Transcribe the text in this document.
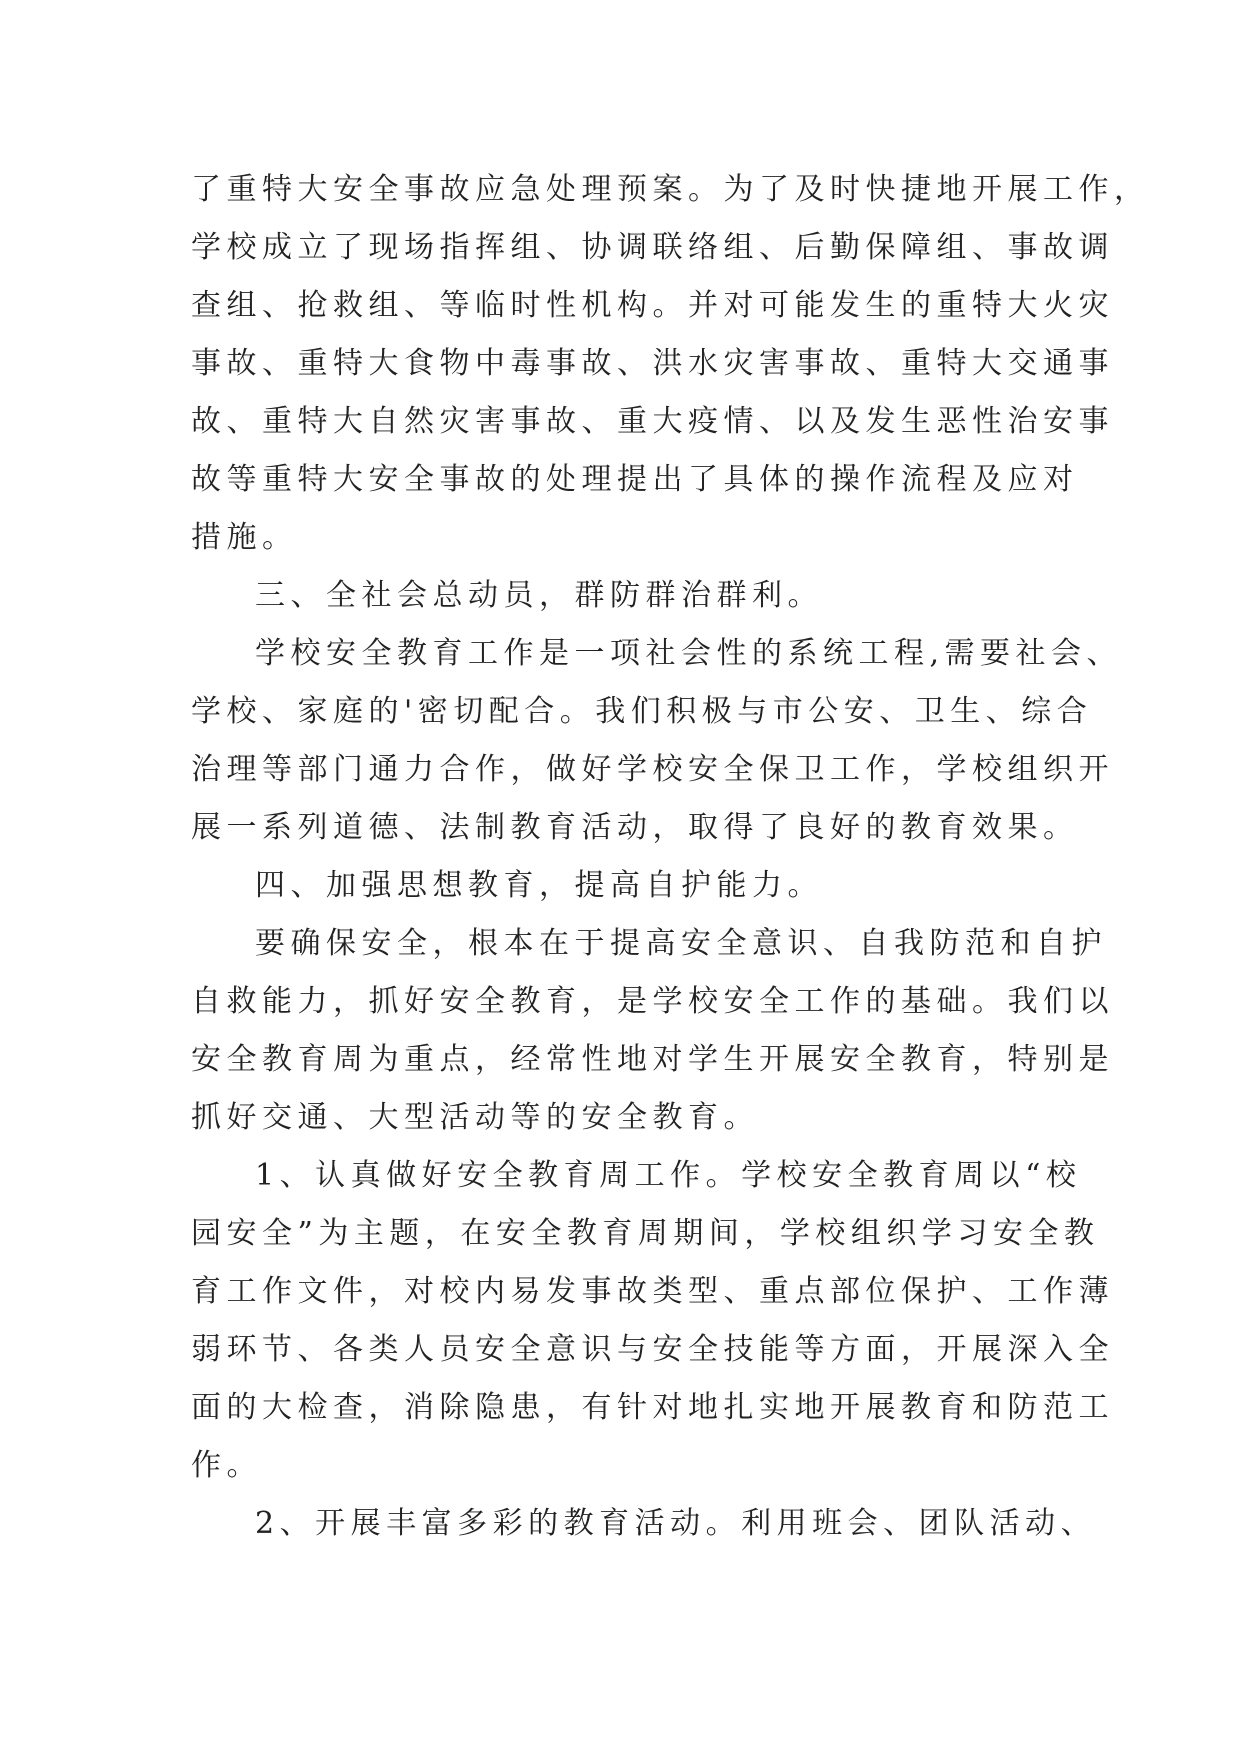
了重特大安全事故应急处理预案。为了及时快捷地开展工作，
学校成立了现场指挥组、协调联络组、后勤保障组、事故调
查组、抢救组、等临时性机构。并对可能发生的重特大火灾
事故、重特大食物中毒事故、洪水灾害事故、重特大交通事
故、重特大自然灾害事故、重大疫情、以及发生恶性治安事
故等重特大安全事故的处理提出了具体的操作流程及应对
措施。
三、全社会总动员，群防群治群利。
学校安全教育工作是一项社会性的系统工程,需要社会、
学校、家庭的'密切配合。我们积极与市公安、卫生、综合
治理等部门通力合作，做好学校安全保卫工作，学校组织开
展一系列道德、法制教育活动，取得了良好的教育效果。
四、加强思想教育，提高自护能力。
要确保安全，根本在于提高安全意识、自我防范和自护
自救能力，抓好安全教育，是学校安全工作的基础。我们以
安全教育周为重点，经常性地对学生开展安全教育，特别是
抓好交通、大型活动等的安全教育。
1、认真做好安全教育周工作。学校安全教育周以“校
园安全”为主题，在安全教育周期间，学校组织学习安全教
育工作文件，对校内易发事故类型、重点部位保护、工作薄
弱环节、各类人员安全意识与安全技能等方面，开展深入全
面的大检查，消除隐患，有针对地扎实地开展教育和防范工
作。
2、开展丰富多彩的教育活动。利用班会、团队活动、
